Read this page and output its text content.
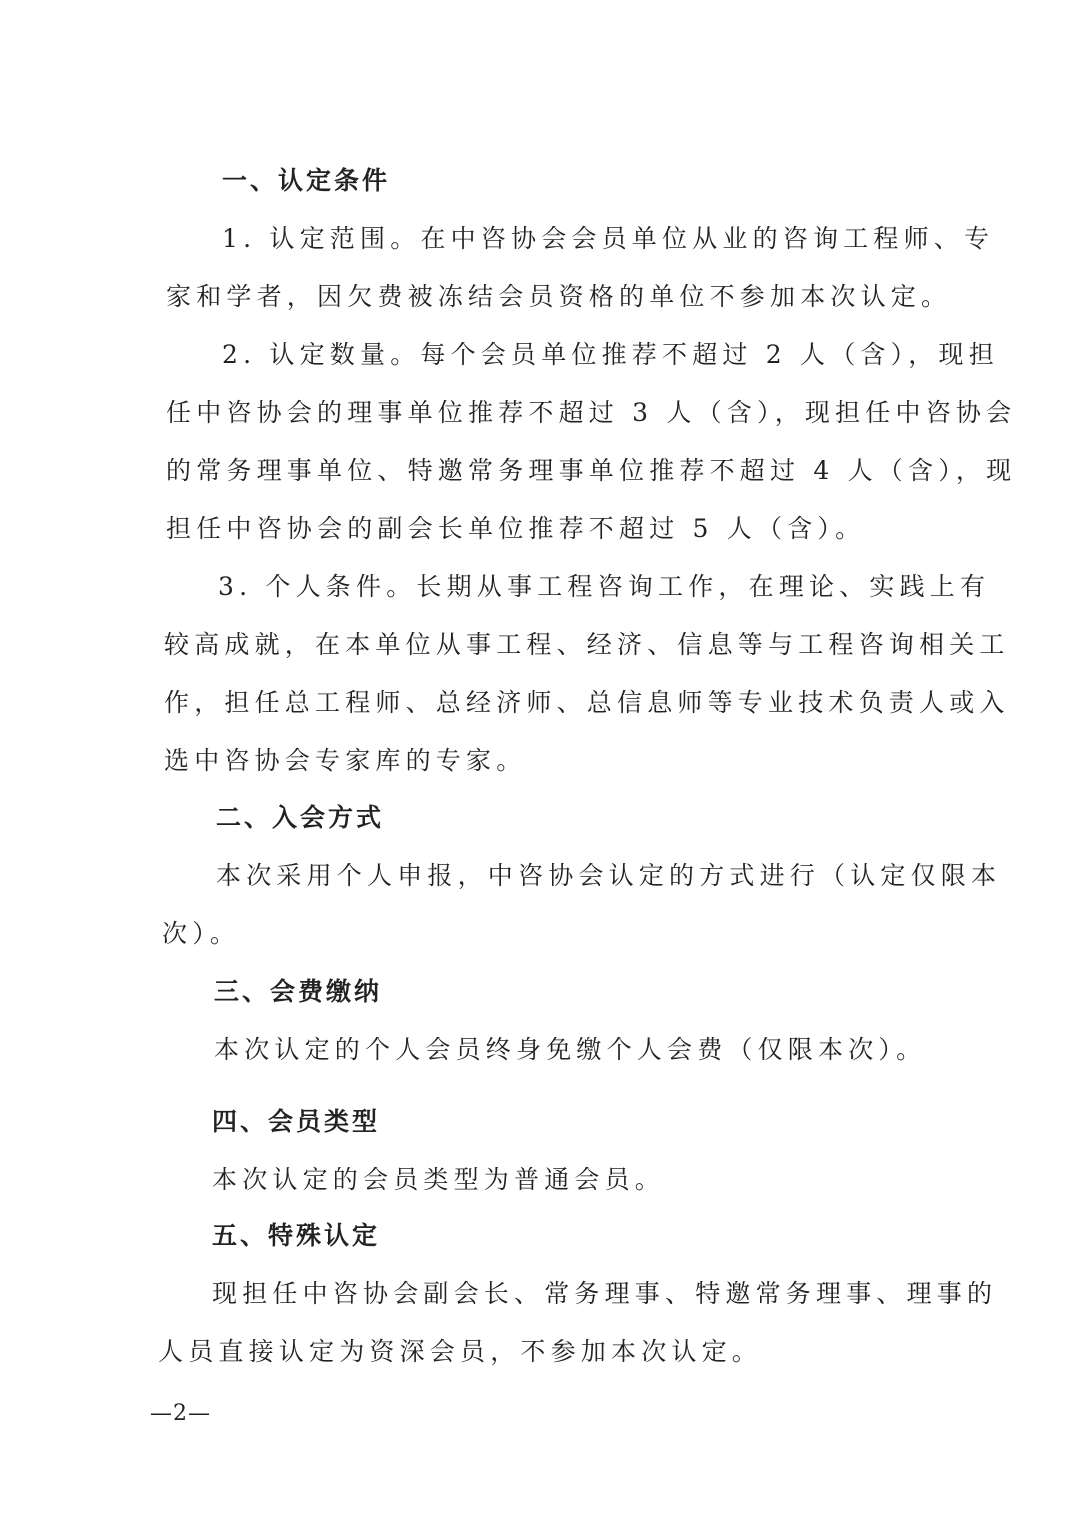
一、认定条件

1. 认定范围。在中咨协会会员单位从业的咨询工程师、专

家和学者，因欠费被冻结会员资格的单位不参加本次认定。

2. 认定数量。每个会员单位推荐不超过 2 人（含），现担

任中咨协会的理事单位推荐不超过 3 人（含），现担任中咨协会

的常务理事单位、特邀常务理事单位推荐不超过 4 人（含），现

担任中咨协会的副会长单位推荐不超过 5 人（含）。

3. 个人条件。长期从事工程咨询工作，在理论、实践上有

较高成就，在本单位从事工程、经济、信息等与工程咨询相关工

作，担任总工程师、总经济师、总信息师等专业技术负责人或入

选中咨协会专家库的专家。

二、入会方式

本次采用个人申报，中咨协会认定的方式进行（认定仅限本

次）。

三、会费缴纳

本次认定的个人会员终身免缴个人会费（仅限本次）。

四、会员类型

本次认定的会员类型为普通会员。

五、特殊认定

现担任中咨协会副会长、常务理事、特邀常务理事、理事的

人员直接认定为资深会员，不参加本次认定。

—2—
